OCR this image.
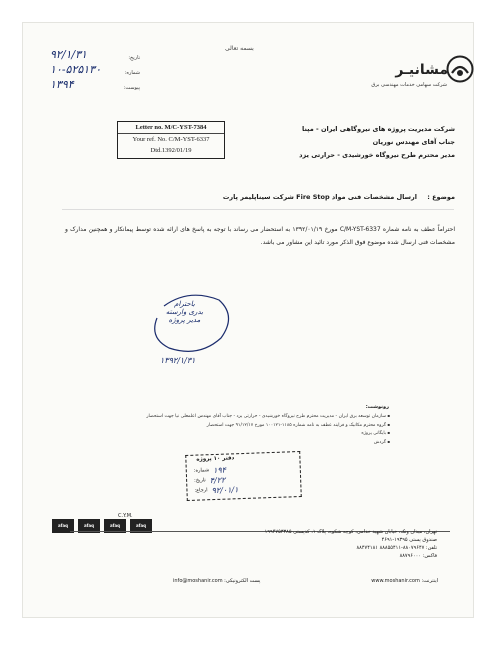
بسمه تعالی
مشانیـر
شرکت سهامی خدمات مهندسی برق
تاریخ:
۹۲/۱/۳۱
شماره:
۱۰-۵۲۵۱۳۰
پیوست:
۱۳۹۴
Letter no. M/C-YST-7384
Your ref. No. C/M-YST-6337
Dtd.1392/01/19
شرکت مدیریت پروژه های نیروگاهی ایران - مپنا
جناب آقای مهندس نوریان
مدیر محترم طرح نیروگاه خورشیدی - حرارتی یزد
موضوع : ارسال مشخصات فنی مواد Fire Stop شرکت سیناپلیمر پارت
احتراماً عطف به نامه شماره C/M-YST-6337 مورخ ۱۳۹۲/۰۱/۱۹ به استحضار می رساند با توجه به پاسخ های ارائه شده توسط پیمانکار و همچنین مدارک و مشخصات فنی ارسال شده موضوع فوق الذکر مورد تائید این مشاور می باشد.
باحترام
بدری وارسته
مدیر پروژه
۱۳۹۲/۱/۳۱
رونوشت:
▪ سازمان توسعه برق ایران - مدیریت محترم طرح نیروگاه خورشیدی - حرارتی یزد - جناب آقای مهندس اعلمعلی نیا جهت استحضار
▪ گروه محترم مکانیک و فرایند عطف به نامه شماره ۱۱۸۵-۱۰۰۱۲۱ مورخ ۹۱/۱۲/۱۷ جهت استحضار
▪ بایگانی پروژه
▪ گردش
دفتر ۱۰ پروژه
شماره: ۱۹۴
تاریخ: ۴/۲۲
ارجاع: ۹۲/۰۱/۱
C.Y.M.
afaq	afaq	afaq	afaq
تهران، میدان ونک، خیابان شهید خدامی، کوچه شکوه، پلاک ۱، کدپستی ۱۹۹۴۷۵۳۳۸۵
صندوق پستی ۱۹۳۹۵-۴۶۹۱
تلفن: ۸۸۰۷۹۶۴۷-۸۸۸۵۵۴۱۱ ۸۸۴۷۴۱۸۱
فاکس: ۸۸۷۹۶۰۰۰
اینترنت: www.moshanir.com
پست الکترونیکی: info@moshanir.com
